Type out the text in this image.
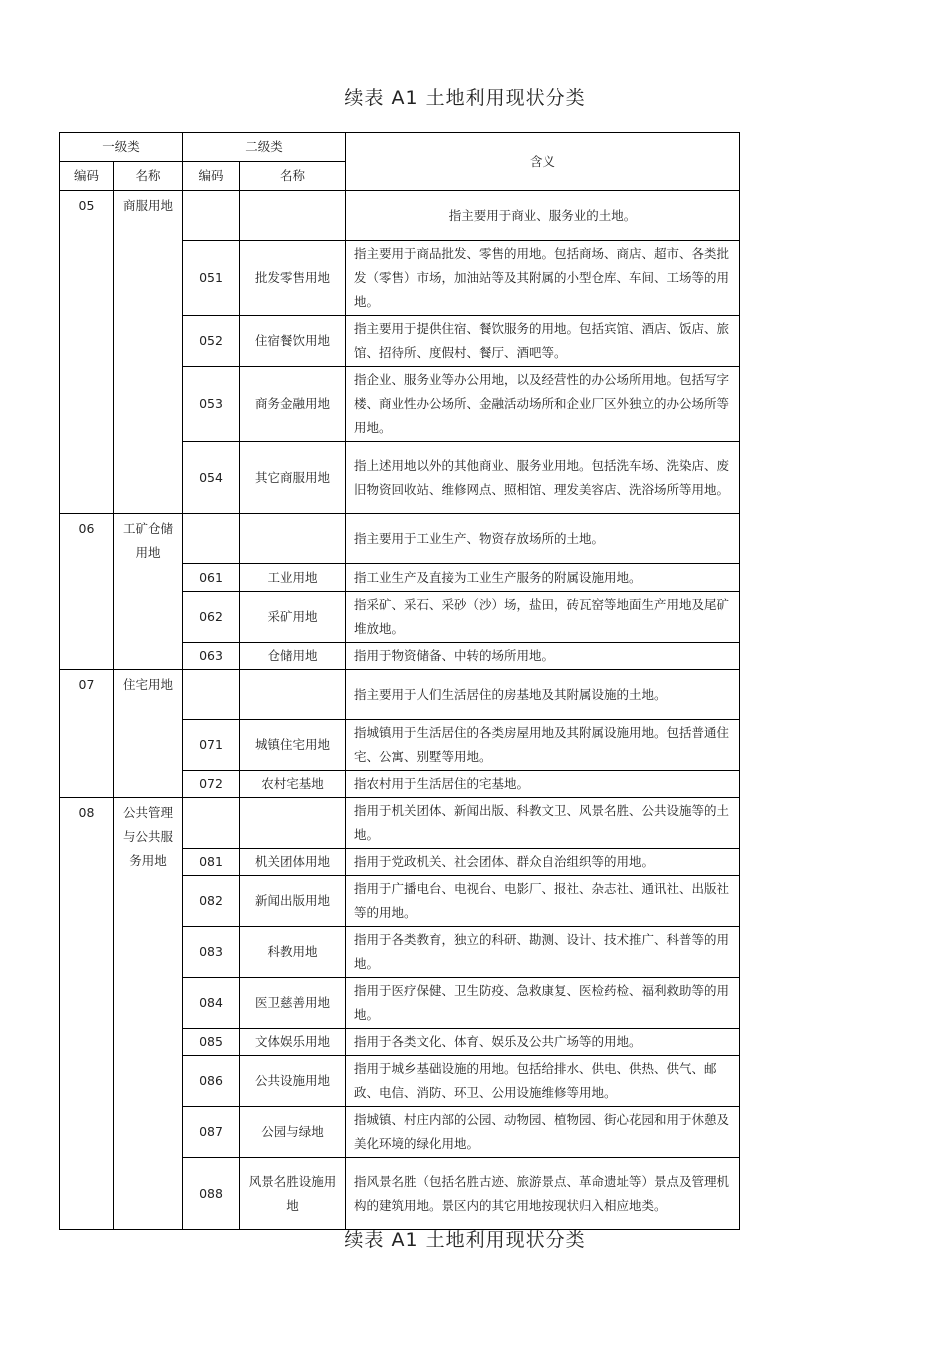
续表 A1 土地利用现状分类
一级类		二级类		含义
编码	名称	编码	名称	
05	商服用地			指主要用于商业、服务业的土地。
		051	批发零售用地	指主要用于商品批发、零售的用地。包括商场、商店、超市、各类批发（零售）市场，加油站等及其附属的小型仓库、车间、工场等的用地。
		052	住宿餐饮用地	指主要用于提供住宿、餐饮服务的用地。包括宾馆、酒店、饭店、旅馆、招待所、度假村、餐厅、酒吧等。
		053	商务金融用地	指企业、服务业等办公用地，以及经营性的办公场所用地。包括写字楼、商业性办公场所、金融活动场所和企业厂区外独立的办公场所等用地。
		054	其它商服用地	指上述用地以外的其他商业、服务业用地。包括洗车场、洗染店、废旧物资回收站、维修网点、照相馆、理发美容店、洗浴场所等用地。
06	工矿仓储用地			指主要用于工业生产、物资存放场所的土地。
		061	工业用地	指工业生产及直接为工业生产服务的附属设施用地。
		062	采矿用地	指采矿、采石、采砂（沙）场，盐田，砖瓦窑等地面生产用地及尾矿堆放地。
		063	仓储用地	指用于物资储备、中转的场所用地。
07	住宅用地			指主要用于人们生活居住的房基地及其附属设施的土地。
		071	城镇住宅用地	指城镇用于生活居住的各类房屋用地及其附属设施用地。包括普通住宅、公寓、别墅等用地。
		072	农村宅基地	指农村用于生活居住的宅基地。
08	公共管理与公共服务用地			指用于机关团体、新闻出版、科教文卫、风景名胜、公共设施等的土地。
		081	机关团体用地	指用于党政机关、社会团体、群众自治组织等的用地。
		082	新闻出版用地	指用于广播电台、电视台、电影厂、报社、杂志社、通讯社、出版社等的用地。
		083	科教用地	指用于各类教育，独立的科研、勘测、设计、技术推广、科普等的用地。
		084	医卫慈善用地	指用于医疗保健、卫生防疫、急救康复、医检药检、福利救助等的用地。
		085	文体娱乐用地	指用于各类文化、体育、娱乐及公共广场等的用地。
		086	公共设施用地	指用于城乡基础设施的用地。包括给排水、供电、供热、供气、邮政、电信、消防、环卫、公用设施维修等用地。
		087	公园与绿地	指城镇、村庄内部的公园、动物园、植物园、街心花园和用于休憩及美化环境的绿化用地。
		088	风景名胜设施用地	指风景名胜（包括名胜古迹、旅游景点、革命遗址等）景点及管理机构的建筑用地。景区内的其它用地按现状归入相应地类。
续表 A1 土地利用现状分类
